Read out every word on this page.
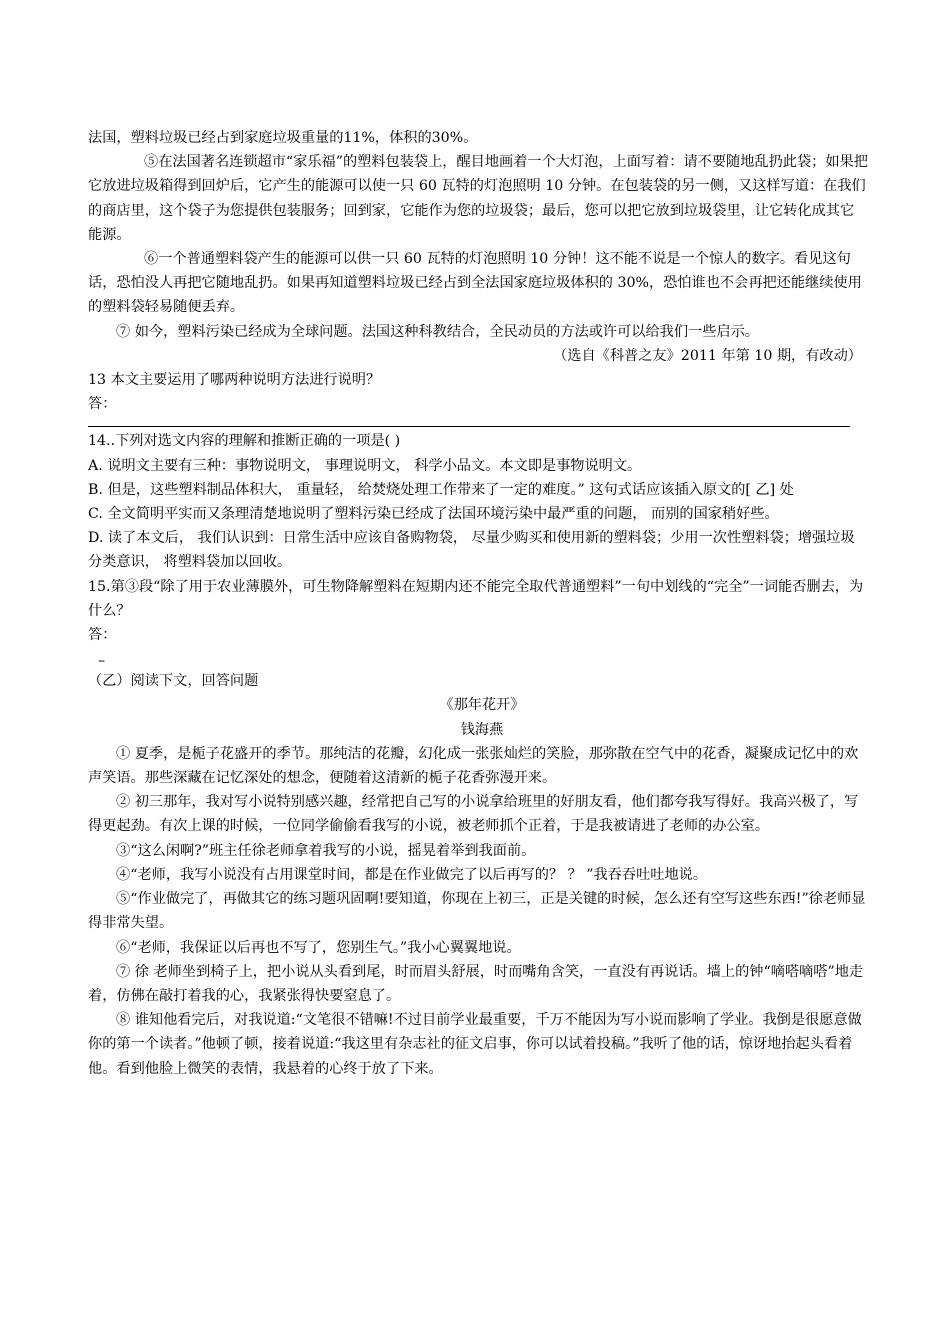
法国，塑料垃圾已经占到家庭垃圾重量的11%，体积的30%。

⑤在法国著名连锁超市“家乐福”的塑料包装袋上，醒目地画着一个大灯泡，上面写着：请不要随地乱扔此袋；如果把它放进垃圾箱得到回炉后，它产生的能源可以使一只 60 瓦特的灯泡照明 10 分钟。在包装袋的另一侧，又这样写道：在我们的商店里，这个袋子为您提供包装服务；回到家，它能作为您的垃圾袋；最后，您可以把它放到垃圾袋里，让它转化成其它能源。

⑥一个普通塑料袋产生的能源可以供一只 60 瓦特的灯泡照明 10 分钟！这不能不说是一个惊人的数字。看见这句话，恐怕没人再把它随地乱扔。如果再知道塑料垃圾已经占到全法国家庭垃圾体积的 30%，恐怕谁也不会再把还能继续使用的塑料袋轻易随便丢弃。

⑦ 如今，塑料污染已经成为全球问题。法国这种科教结合，全民动员的方法或许可以给我们一些启示。

（选自《科普之友》2011 年第 10 期，有改动）

13 本文主要运用了哪两种说明方法进行说明？

答：

14..下列对选文内容的理解和推断正确的一项是( )

A. 说明文主要有三种：事物说明文， 事理说明文， 科学小品文。本文即是事物说明文。

B. 但是，这些塑料制品体积大， 重量轻， 给焚烧处理工作带来了一定的难度。” 这句式话应该插入原文的[ 乙] 处

C. 全文简明平实而又条理清楚地说明了塑料污染已经成了法国环境污染中最严重的问题， 而别的国家稍好些。

D. 读了本文后， 我们认识到：日常生活中应该自备购物袋， 尽量少购买和使用新的塑料袋；少用一次性塑料袋；增强垃圾分类意识， 将塑料袋加以回收。

15.第③段“除了用于农业薄膜外，可生物降解塑料在短期内还不能完全取代普通塑料”一句中划线的“完全”一词能否删去，为什么？

答：

–

（乙）阅读下文，回答问题

《那年花开》

钱海燕

① 夏季，是栀子花盛开的季节。那纯洁的花瓣，幻化成一张张灿烂的笑脸，那弥散在空气中的花香，凝聚成记忆中的欢声笑语。那些深藏在记忆深处的想念，便随着这清新的栀子花香弥漫开来。

② 初三那年，我对写小说特别感兴趣，经常把自己写的小说拿给班里的好朋友看，他们都夸我写得好。我高兴极了，写得更起劲。有次上课的时候，一位同学偷偷看我写的小说，被老师抓个正着，于是我被请进了老师的办公室。

③“这么闲啊?”班主任徐老师拿着我写的小说，摇晃着举到我面前。

④“老师，我写小说没有占用课堂时间，都是在作业做完了以后再写的？ ？ ”我吞吞吐吐地说。

⑤“作业做完了，再做其它的练习题巩固啊!要知道，你现在上初三，正是关键的时候，怎么还有空写这些东西!”徐老师显得非常失望。

⑥“老师，我保证以后再也不写了，您别生气。”我小心翼翼地说。

⑦ 徐 老师坐到椅子上，把小说从头看到尾，时而眉头舒展，时而嘴角含笑，一直没有再说话。墙上的钟“嘀嗒嘀嗒”地走着，仿佛在敲打着我的心，我紧张得快要窒息了。

⑧ 谁知他看完后，对我说道:“文笔很不错嘛!不过目前学业最重要，千万不能因为写小说而影响了学业。我倒是很愿意做你的第一个读者。”他顿了顿，接着说道:“我这里有杂志社的征文启事，你可以试着投稿。”我听了他的话，惊讶地抬起头看着他。看到他脸上微笑的表情，我悬着的心终于放了下来。
